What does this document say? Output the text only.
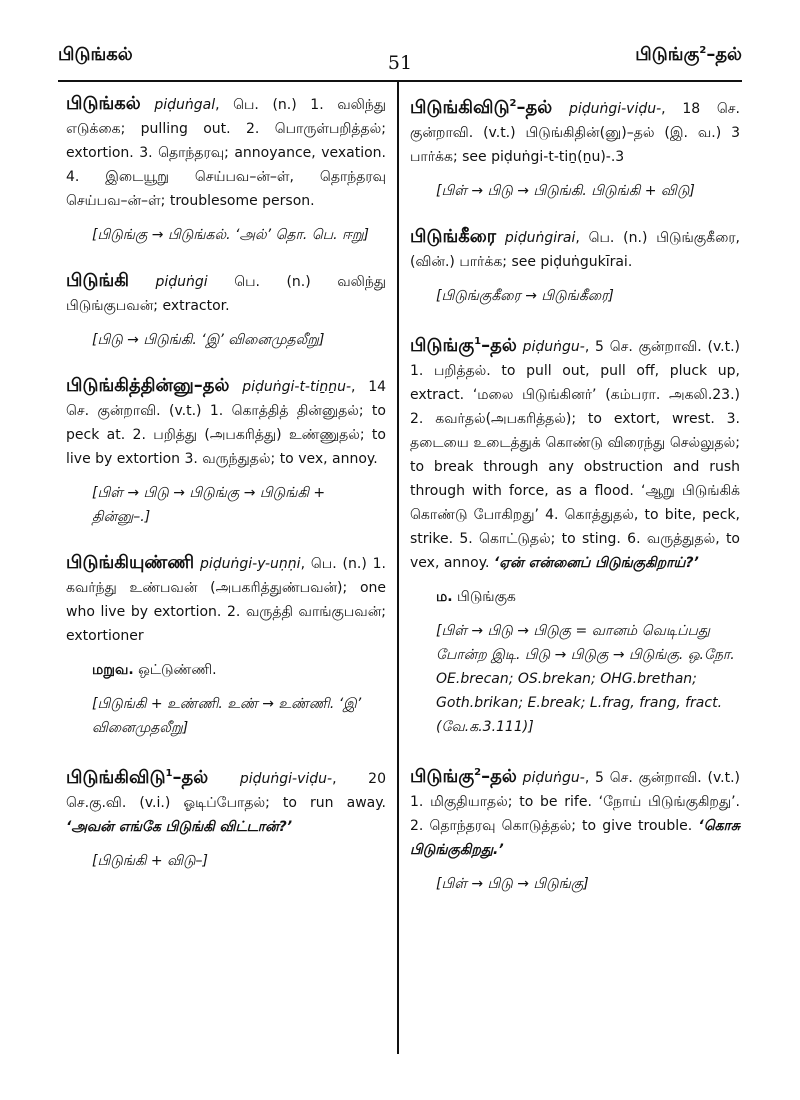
பிடுங்கல்	51	பிடுங்கு$^2$–தல்

பிடுங்கல் piḍuṅgal, பெ. (n.) 1. வலிந்து எடுக்கை; pulling out. 2. பொருள்பறித்தல்; extortion. 3. தொந்தரவு; annoyance, vexation. 4. இடையூறு செய்பவ–ன்–ள், தொந்தரவு செய்பவ–ன்–ள்; troublesome person.

[பிடுங்கு → பிடுங்கல். ‘அல்’ தொ. பெ. ஈறு]

பிடுங்கி piḍuṅgi பெ. (n.) வலிந்து பிடுங்குபவன்; extractor.

[பிடு → பிடுங்கி. ‘இ’ வினைமுதலீறு]

பிடுங்கித்தின்னு–தல் piḍuṅgi-t-tiṉṉu-, 14 செ. குன்றாவி. (v.t.) 1. கொத்தித் தின்னுதல்; to peck at. 2. பறித்து (அபகரித்து) உண்ணுதல்; to live by extortion 3. வருந்துதல்; to vex, annoy.

[பிள் → பிடு → பிடுங்கு → பிடுங்கி + தின்னு–.]

பிடுங்கியுண்ணி piḍuṅgi-y-uṇṇi, பெ. (n.) 1. கவர்ந்து உண்பவன் (அபகரித்துண்பவன்); one who live by extortion. 2. வருத்தி வாங்குபவன்; extortioner

மறுவ. ஒட்டுண்ணி.
[பிடுங்கி + உண்ணி. உண் → உண்ணி. ‘இ’ வினைமுதலீறு]

பிடுங்கிவிடு$^1$–தல் piḍuṅgi-viḍu-, 20 செ.கு.வி. (v.i.) ஓடிப்போதல்; to run away. ‘அவன் எங்கே பிடுங்கி விட்டான்?’

[பிடுங்கி + விடு–]

பிடுங்கிவிடு$^2$–தல் piḍuṅgi-viḍu-, 18 செ. குன்றாவி. (v.t.) பிடுங்கிதின்(னு)–தல் (இ. வ.) 3 பார்க்க; see piḍuṅgi-t-tiṉ(ṉu)-.3

[பிள் → பிடு → பிடுங்கி. பிடுங்கி + விடு]

பிடுங்கீரை piḍuṅgirai, பெ. (n.) பிடுங்குகீரை, (வின்.) பார்க்க; see piḍuṅgukīrai.

[பிடுங்குகீரை → பிடுங்கீரை]

பிடுங்கு$^1$–தல் piḍuṅgu-, 5 செ. குன்றாவி. (v.t.) 1. பறித்தல். to pull out, pull off, pluck up, extract. ‘மலை பிடுங்கினர்’ (கம்பரா. அகலி.23.) 2. கவர்தல்(அபகரித்தல்); to extort, wrest. 3. தடையை உடைத்துக் கொண்டு விரைந்து செல்லுதல்; to break through any obstruction and rush through with force, as a flood. ‘ஆறு பிடுங்கிக் கொண்டு போகிறது’ 4. கொத்துதல், to bite, peck, strike. 5. கொட்டுதல்; to sting. 6. வருத்துதல், to vex, annoy. ‘ஏன் என்னைப் பிடுங்குகிறாய்?’

ம. பிடுங்குக
[பிள் → பிடு → பிடுகு = வானம் வெடிப்பது போன்ற இடி. பிடு → பிடுகு → பிடுங்கு. ஒ.நோ. OE.brecan; OS.brekan; OHG.brethan; Goth.brikan; E.break; L.frag, frang, fract. (வே.க.3.111)]

பிடுங்கு$^2$–தல் piḍuṅgu-, 5 செ. குன்றாவி. (v.t.) 1. மிகுதியாதல்; to be rife. ‘நோய் பிடுங்குகிறது’. 2. தொந்தரவு கொடுத்தல்; to give trouble. ‘கொசு பிடுங்குகிறது.’

[பிள் → பிடு → பிடுங்கு]
